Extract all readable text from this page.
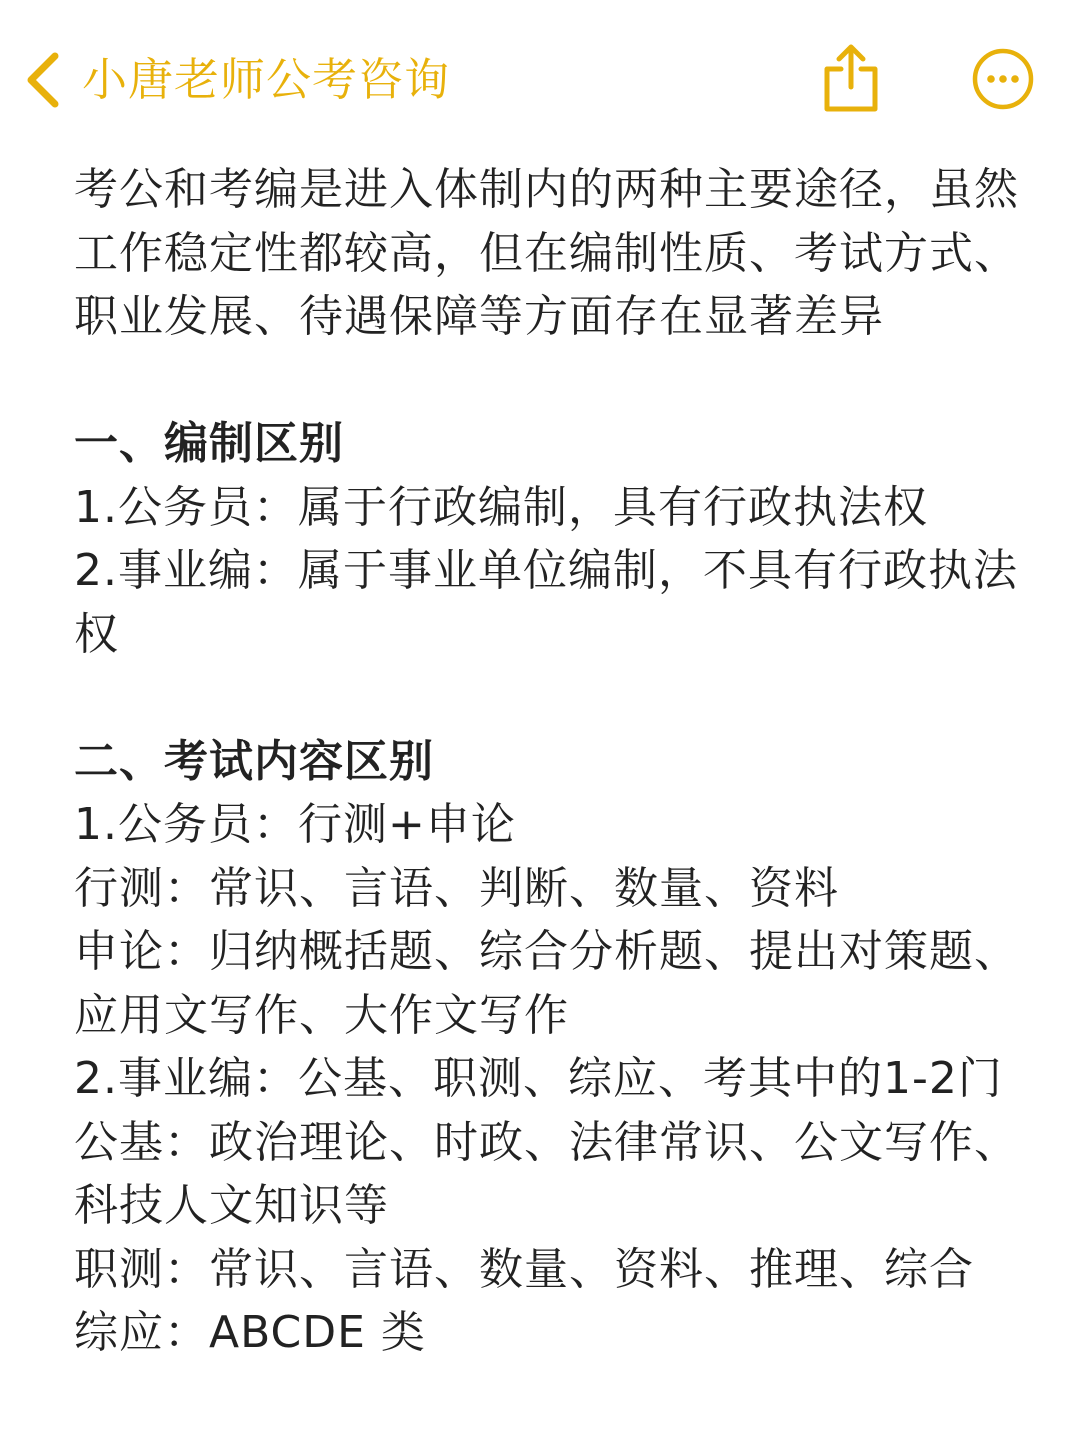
小唐老师公考咨询

考公和考编是进入体制内的两种主要途径，虽然工作稳定性都较高，但在编制性质、考试方式、职业发展、待遇保障等方面存在显著差异

一、编制区别

1.公务员：属于行政编制，具有行政执法权

2.事业编：属于事业单位编制，不具有行政执法权

二、考试内容区别

1.公务员：行测+申论

行测：常识、言语、判断、数量、资料

申论：归纳概括题、综合分析题、提出对策题、应用文写作、大作文写作

2.事业编：公基、职测、综应、考其中的1-2门

公基：政治理论、时政、法律常识、公文写作、科技人文知识等

职测：常识、言语、数量、资料、推理、综合

综应：ABCDE 类
